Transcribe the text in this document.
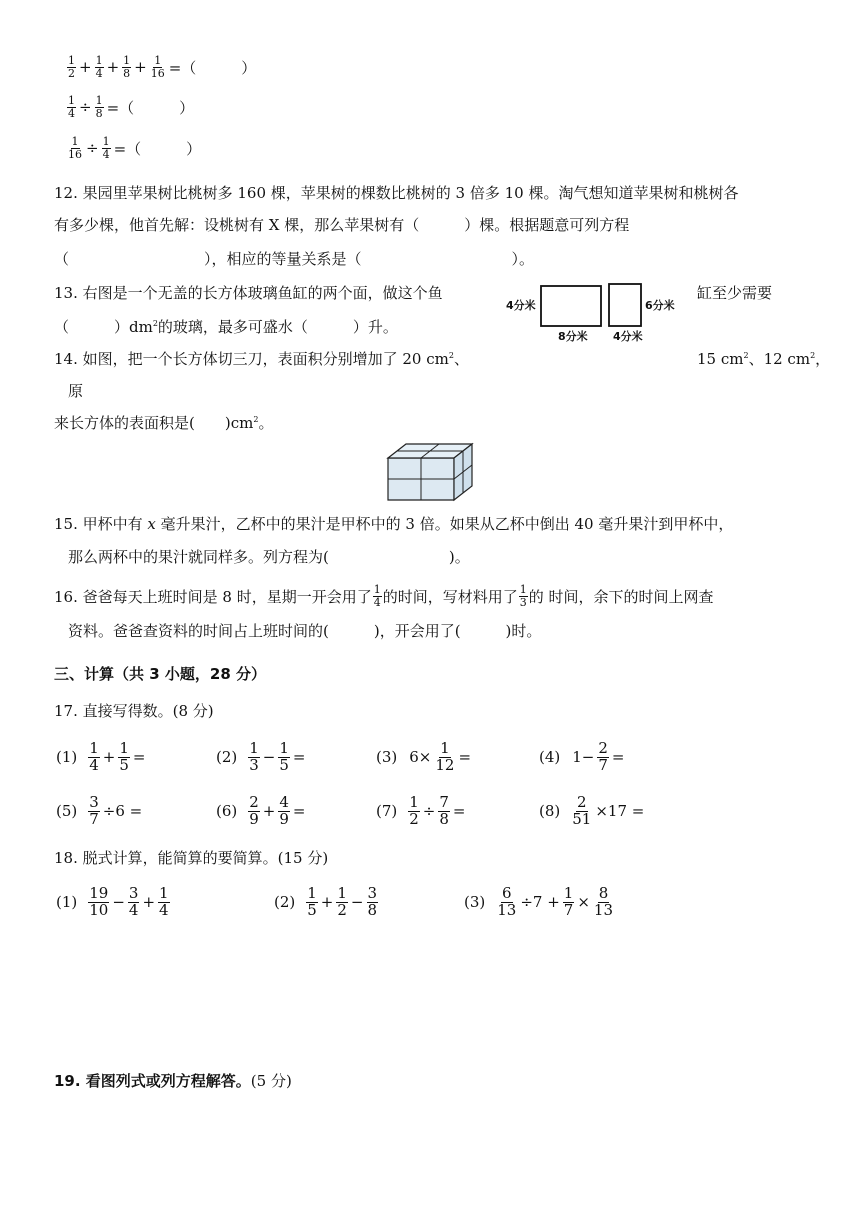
$\frac{1}{2} + \frac{1}{4} + \frac{1}{8} + \frac{1}{16}$ =（　　　）
$\frac{1}{4} \div \frac{1}{8}$ =（　　　）
$\frac{1}{16} \div \frac{1}{4}$ =（　　　）
12. 果园里苹果树比桃树多 160 棵，苹果树的棵数比桃树的 3 倍多 10 棵。淘气想知道苹果树和桃树各
有多少棵，他首先解：设桃树有 X 棵，那么苹果树有（　　　）棵。根据题意可列方程
（　　　　　　　　　），相应的等量关系是（　　　　　　　　　　）。
13. 右图是一个无盖的长方体玻璃鱼缸的两个面，做这个鱼	缸至少需要
（　　　）$dm^2$的玻璃，最多可盛水（　　　）升。
4分米
8分米
6分米
4分米
14. 如图，把一个长方体切三刀，表面积分别增加了 20 $cm^2$、	15 $cm^2$、12 $cm^2$，
原
来长方体的表面积是(　　)$cm^2$。
15. 甲杯中有 x 毫升果汁，乙杯中的果汁是甲杯中的 3 倍。如果从乙杯中倒出 40 毫升果汁到甲杯中，
那么两杯中的果汁就同样多。列方程为(　　　　　　　　)。
16. 爸爸每天上班时间是 8 时，星期一开会用了 $\frac{1}{4}$ 的时间，写材料用了 $\frac{1}{3}$ 的 时间，余下的时间上网查
资料。爸爸查资料的时间占上班时间的(　　　)，开会用了(　　　)时。
三、计算（共 3 小题，28 分）
17. 直接写得数。(8 分)
$(1) \frac{1}{4} + \frac{1}{5}$ =	$(2) \frac{1}{3} - \frac{1}{5}$ =	(3) $6\times \frac{1}{12}$ =	(4) $1- \frac{2}{7}$ =
$(5) \frac{3}{7} \div 6$ =	$(6) \frac{2}{9} + \frac{4}{9}$ =	$(7) \frac{1}{2} \div \frac{7}{8}$ =	$(8) \frac{2}{51} \times 17$ =
18. 脱式计算，能简算的要简算。(15 分)
$(1) \frac{19}{10} - \frac{3}{4} + \frac{1}{4}$	$(2) \frac{1}{5} + \frac{1}{2} - \frac{3}{8}$	$(3) \frac{6}{13} \div 7 + \frac{1}{7} \times \frac{8}{13}$
19. 看图列式或列方程解答。(5 分)
